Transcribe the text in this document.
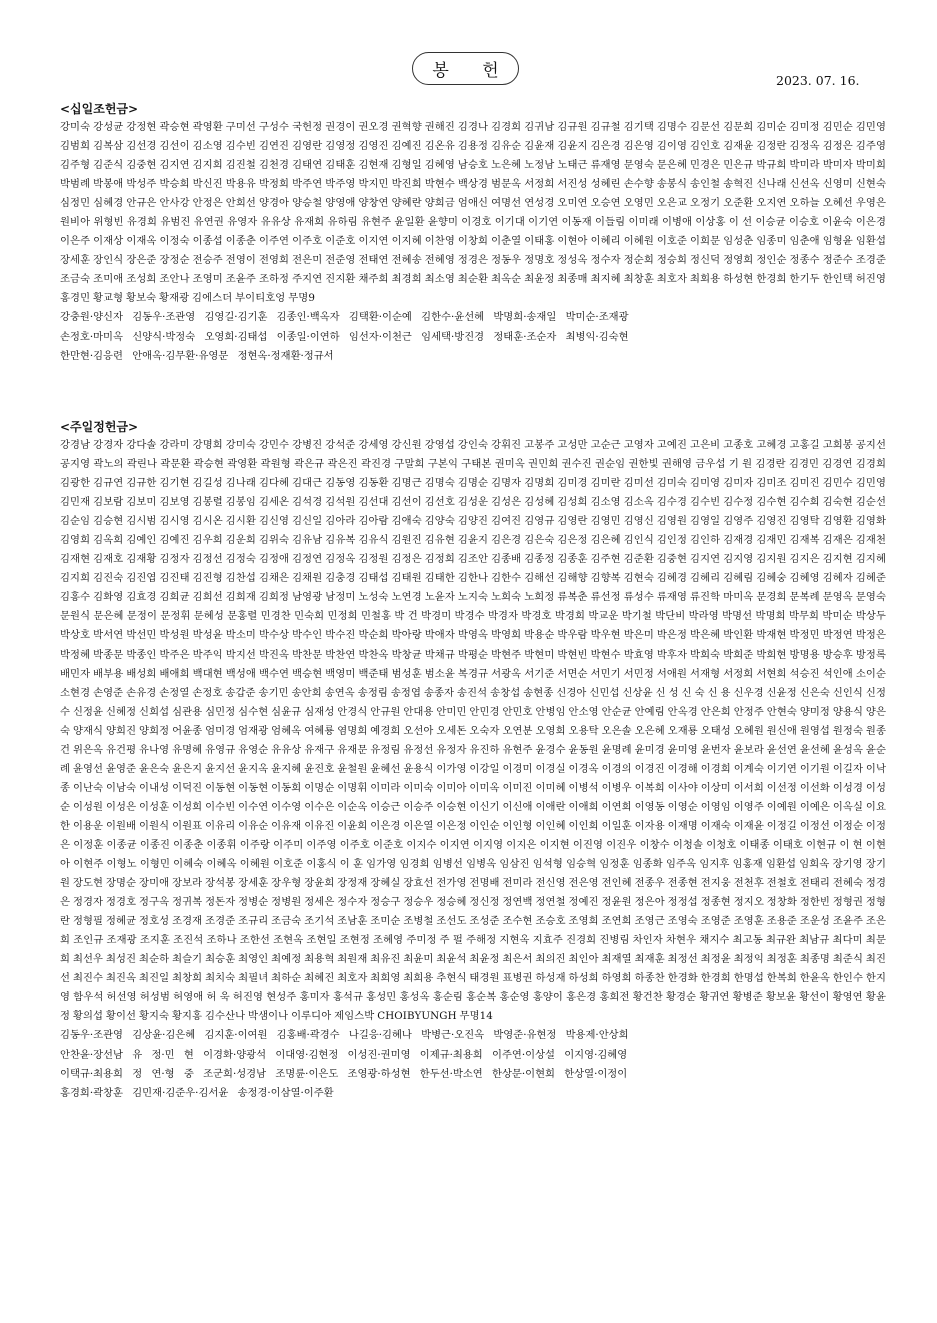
봉 헌	2023. 07. 16.
<십일조헌금>

강미숙 강성균 강정현 곽승현 곽영환 구미선 구성수 국헌정 권경이 권오경 권혁향 권해진 김경나 김경희 김귀남 김규원 김규철 김기택 김명수 김문선 김문희 김미순 김미정 김민순 김민영 김범희 김복삼 김선경 김선이 김소영 김수빈 김연진 김영란 김영정 김영진 김예진 김온유 김용정 김유순 김윤재 김윤지 김은경 김은영 김이영 김인호 김재윤 김정란 김정옥 김정은 김주영 김주형 김준식 김중현 김지연 김지희 김진철 김천경 김태연 김태훈 김현재 김형일 김혜영 남승호 노은혜 노정남 노태근 류재영 문영숙 문은혜 민경은 민은규 박규희 박미라 박미자 박미희 박범례 박봉애 박성주 박승희 박신진 박용유 박정희 박주연 박주영 박지민 박진희 박현수 백상경 범문옥 서정희 서진성 성혜린 손수향 송봉식 송인철 송혁진 신나래 신선옥 신영미 신현숙 심정민 심혜경 안규은 안사강 안정은 안희선 양경아 양승철 양영애 양창연 양혜란 양희금 엄애신 여명선 연성경 오미연 오승연 오영민 오은교 오정기 오준환 오지연 오하늘 오혜선 우영은 원비아 위형빈 유경희 유범진 유연권 유영자 유유상 유재희 유하림 유현주 윤일환 윤향미 이경호 이기대 이기연 이동재 이들림 이미래 이병애 이상홍 이 선 이승균 이승호 이윤숙 이은경 이은주 이재상 이재옥 이정숙 이종섭 이종춘 이주연 이주호 이준호 이지연 이지혜 이찬영 이창희 이춘열 이태홍 이현아 이혜리 이혜원 이호준 이희문 임성춘 임종미 임춘애 임형윤 임환섭 장세훈 장인식 장은준 장정순 전승주 전영이 전영희 전은미 전준영 전태연 전혜송 전혜영 정경은 정동우 정명호 정성옥 정수자 정순희 정승희 정신덕 정영희 정인순 정종수 정준수 조경준 조금숙 조미애 조성희 조안나 조영미 조윤주 조하정 주지연 진지환 채주희 최경희 최소영 최순환 최옥순 최윤정 최종매 최지혜 최창훈 최호자 최회용 하성현 한경희 한기두 한인택 허진영 홍경민 황교형 황보숙 황재광 김에스더 부이티호엉 무명9

강충원·양신자 김동우·조관영 김영길·김기훈 김종인·백옥자 김택환·이순예 김한수·윤선혜 박명희·송재일 박미순·조재광
손정호·마미옥 신양식·박정숙 오영희·김태섭 이종일·이연하 임선자·이천근 임세택·방진경 정태훈·조순자 최병익·김숙현
한만현·김응련 안애옥·김무환·유영문 정현옥·정재환·정규서
<주일정헌금>

강경남 강경자 강다솔 강라미 강명희 강미숙 강민수 강병진 강석준 강세영 강신원 강영섭 강인숙 강휘진 고봉주 고성만 고순근 고영자 고예진 고은비 고종호 고혜경 고홍길 고희봉 공지선 공지영 곽노의 곽린나 곽문환 곽승현 곽영환 곽원형 곽은규 곽은진 곽진경 구말희 구본익 구태본 권미옥 권민희 권수진 권순임 권한빛 권해영 금우섭 기 원 김경란 김경민 김경연 김경희 김광한 김규연 김규한 김기현 김길성 김나래 김다혜 김대근 김동영 김동환 김명근 김명숙 김명순 김명자 김명희 김미경 김미란 김미선 김미숙 김미영 김미자 김미조 김미진 김민수 김민영 김민재 김보람 김보미 김보영 김봉렬 김봉임 김세온 김석경 김석원 김선대 김선이 김선호 김성운 김성은 김성혜 김성희 김소영 김소옥 김수경 김수빈 김수정 김수현 김수희 김숙현 김순선 김순임 김승현 김시범 김시영 김시온 김시환 김신영 김신일 김아라 김아람 김애숙 김양숙 김양진 김여진 김영규 김영란 김영민 김영신 김영원 김영일 김영주 김영진 김영탁 김영환 김영화 김영희 김옥희 김예인 김예진 김우희 김운희 김위숙 김유남 김유복 김유식 김원진 김유현 김윤지 김은경 김은숙 김은정 김은혜 김인식 김인정 김인하 김재경 김재민 김재복 김재은 김재천 김재현 김재호 김재황 김정자 김정선 김정숙 김정애 김정연 김정옥 김정원 김정은 김정희 김조안 김종배 김종정 김종훈 김주현 김준환 김중현 김지연 김지영 김지원 김지은 김지현 김지혜 김지희 김진숙 김진엽 김진태 김진형 김찬섭 김채은 김채원 김충경 김태섭 김태원 김태한 김한나 김한수 김해선 김해향 김향복 김현숙 김혜경 김혜리 김혜림 김혜숭 김혜영 김혜자 김혜준 김홍수 김화영 김효경 김희균 김희선 김희재 김희정 남영광 남정미 노성숙 노연경 노윤자 노지숙 노희숙 노희정 류복춘 류선정 류성수 류재영 류진학 마미옥 문경희 문복례 문영옥 문영숙 문원식 문은혜 문정이 문정휘 문혜성 문홍렬 민경찬 민숙희 민정희 민철홍 박 건 박경미 박경수 박경자 박경호 박경희 박교운 박기철 박단비 박라영 박명선 박명희 박무희 박미순 박상두 박상호 박서연 박선민 박성원 박성윤 박소미 박수상 박수인 박수진 박순희 박아랑 박애자 박영옥 박영희 박용순 박우람 박우현 박은미 박은정 박은혜 박인환 박재현 박정민 박정연 박정은 박정혜 박종문 박종인 박주은 박주익 박지선 박진옥 박찬문 박찬연 박찬옥 박창균 박채규 박평순 박현주 박현미 박현빈 박현수 박효영 박후자 박희숙 박희준 박희현 방명용 방승후 방정록 배민자 배부용 배성희 배애희 백대현 백성애 백수연 백승현 백영미 백준태 범성훈 범소윤 복경규 서광옥 서기준 서면순 서민기 서민정 서애원 서재형 서정희 서현희 석승진 석인애 소이순 소현경 손영준 손유경 손정열 손정호 송갑준 송기민 송안희 송연옥 송정림 송정엽 송종자 송진석 송창섭 송현종 신경아 신민섭 신상윤 신 성 신 숙 신 용 신우경 신윤정 신은숙 신인식 신정수 신정윤 신혜정 신희섭 심관용 심민정 심수현 심윤규 심재성 안경식 안규원 안대용 안미민 안민경 안민호 안병임 안소영 안순균 안예림 안옥경 안은희 안정주 안현숙 양미정 양용식 양은숙 양재식 양희진 양희정 어윤종 엄미경 엄재광 엄혜옥 여혜룡 염명희 예경희 오선아 오세돈 오숙자 오연분 오영희 오용탁 오은솔 오은혜 오재룡 오태성 오혜원 원신애 원영섭 원정숙 원종건 위은옥 유건평 유나영 유명혜 유영규 유영순 유유상 유재구 유재문 유정림 유정선 유정자 유진하 유현주 윤경수 윤동원 윤명례 윤미경 윤미영 윤번자 윤보라 윤선연 윤선혜 윤성옥 윤순례 윤영선 윤영준 윤은숙 윤은지 윤지선 윤지옥 윤지혜 윤진호 윤철원 윤혜선 윤용식 이가영 이강일 이경미 이경실 이경옥 이경의 이경진 이경해 이경희 이계숙 이기연 이기원 이길자 이낙종 이난숙 이남숙 이내성 이덕진 이동현 이동현 이동희 이명순 이명휘 이미라 이미숙 이미아 이미옥 이미진 이미혜 이병석 이병우 이복희 이사야 이상미 이서희 이선정 이선화 이성경 이성순 이성원 이성은 이성훈 이성희 이수빈 이수연 이수영 이수은 이순옥 이승근 이승주 이승현 이신기 이신애 이애란 이애희 이연희 이영동 이영순 이영임 이영주 이예원 이예은 이옥실 이요한 이용운 이원배 이원식 이원표 이유리 이유순 이유재 이유진 이윤희 이은경 이은열 이은정 이인순 이인형 이인혜 이인희 이일훈 이자용 이재명 이재숙 이재윤 이정길 이정선 이정순 이정은 이정훈 이종균 이종진 이종춘 이종휘 이주랑 이주미 이주영 이주호 이준호 이지수 이지연 이지영 이지은 이지현 이진영 이진우 이창수 이청솔 이청호 이태종 이태호 이현규 이 현 이현아 이현주 이형노 이형민 이혜숙 이혜옥 이혜원 이호준 이홍식 이 훈 임가영 임경희 임병선 임병옥 임삼진 임석형 임승혁 임정훈 임종화 임주옥 임지후 임홍재 임환섭 임희옥 장기영 장기원 장도현 장명순 장미애 장보라 장석봉 장세훈 장우형 장윤희 장정재 장혜실 장효선 전가영 전명배 전미라 전신영 전은영 전인혜 전종우 전종현 전지웅 전천후 전철호 전태리 전혜숙 정경은 정경자 정경호 정구옥 정귀복 정돈자 정병순 정병원 정세은 정수자 정승구 정승우 정승혜 정신정 정연백 정연철 정예진 정윤원 정은아 정정섭 정종현 정지오 정창화 정한빈 정형권 정형란 정형필 정혜균 정호성 조경재 조경준 조규리 조금숙 조기석 조남훈 조미순 조병철 조선도 조성준 조수현 조승호 조영희 조연희 조영근 조영숙 조영준 조영훈 조용준 조운성 조윤주 조은희 조인규 조재광 조지훈 조진석 조하나 조한선 조현옥 조현일 조현정 조혜영 주미정 주 펄 주해정 지현옥 지효주 진경희 진병림 차인자 차현우 채지수 최고동 최규완 최남규 최다미 최문희 최선우 최성진 최순하 최슬기 최승훈 최영인 최예정 최용혁 최원재 최유진 최윤미 최윤석 최윤정 최은서 최의진 최인아 최재열 최재훈 최정선 최정윤 최정익 최정훈 최종명 최준식 최진선 최진수 최진옥 최진일 최창희 최치숙 최필녀 최하순 최혜진 최호자 최희영 최희용 추현식 태경원 표병권 하성재 하성희 하영희 하종찬 한경화 한경희 한명섭 한복희 한윤옥 한인수 한지영 함우석 허선영 허성범 허영애 허 욱 허진영 현성주 홍미자 홍석규 홍성민 홍성옥 홍순림 홍순복 홍순영 홍양이 홍은경 홍희전 황건찬 황경순 황귀연 황병준 황보윤 황선이 황영연 황윤정 황의섭 황이선 황지숙 황지홍 김수산나 박샘이나 이루디아 제임스박 CHOIBYUNGH 무명14

김동우·조관영 김상윤·김은혜 김지훈·이여원 김홍배·곽경수 나길응·김혜나 박병근·오진옥 박영준·유현정 박용제·안상희
안찬윤·장선남 유 정·민 현 이경화·양광석 이대영·김현정 이성진·권미영 이제규·최용희 이주연·이상설 이지영·김혜영
이택규·최용희 정 연·형 중 조군희·성경남 조명륜·이은도 조영광·하성현 한두선·박소연 한상문·이현희 한상열·이정이
홍경희·곽창훈 김민재·김준우·김서윤 송정경·이삼열·이주환
